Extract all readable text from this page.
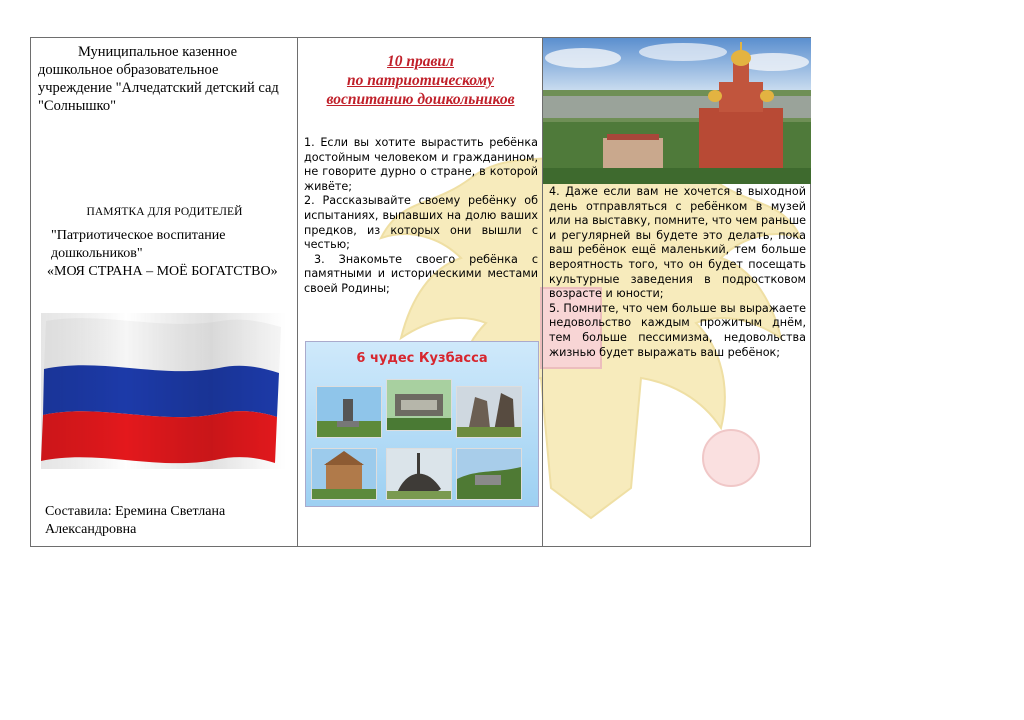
Муниципальное казенное дошкольное образовательное учреждение "Алчедатский детский сад "Солнышко"
ПАМЯТКА ДЛЯ РОДИТЕЛЕЙ
"Патриотическое воспитание дошкольников"
«МОЯ СТРАНА – МОЁ БОГАТСТВО»
Составила: Еремина Светлана Александровна
10 правил
по патриотическому
воспитанию дошкольников

1. Если вы хотите вырастить ребёнка достойным человеком и гражданином, не говорите дурно о стране, в которой живёте;

2. Рассказывайте своему ребёнку об испытаниях, выпавших на долю ваших предков, из которых они вышли с честью;

3. Знакомьте своего ребёнка с памятными и историческими местами своей Родины;

6 чудес Кузбасса

4. Даже если вам не хочется в выходной день отправляться с ребёнком в музей или на выставку, помните, что чем раньше и регулярней вы будете это делать, пока ваш ребёнок ещё маленький, тем больше вероятность того, что он будет посещать культурные заведения в подростковом возрасте и юности;

5. Помните, что чем больше вы выражаете недовольство каждым прожитым днём, тем больше пессимизма, недовольства жизнью будет выражать ваш ребёнок;
